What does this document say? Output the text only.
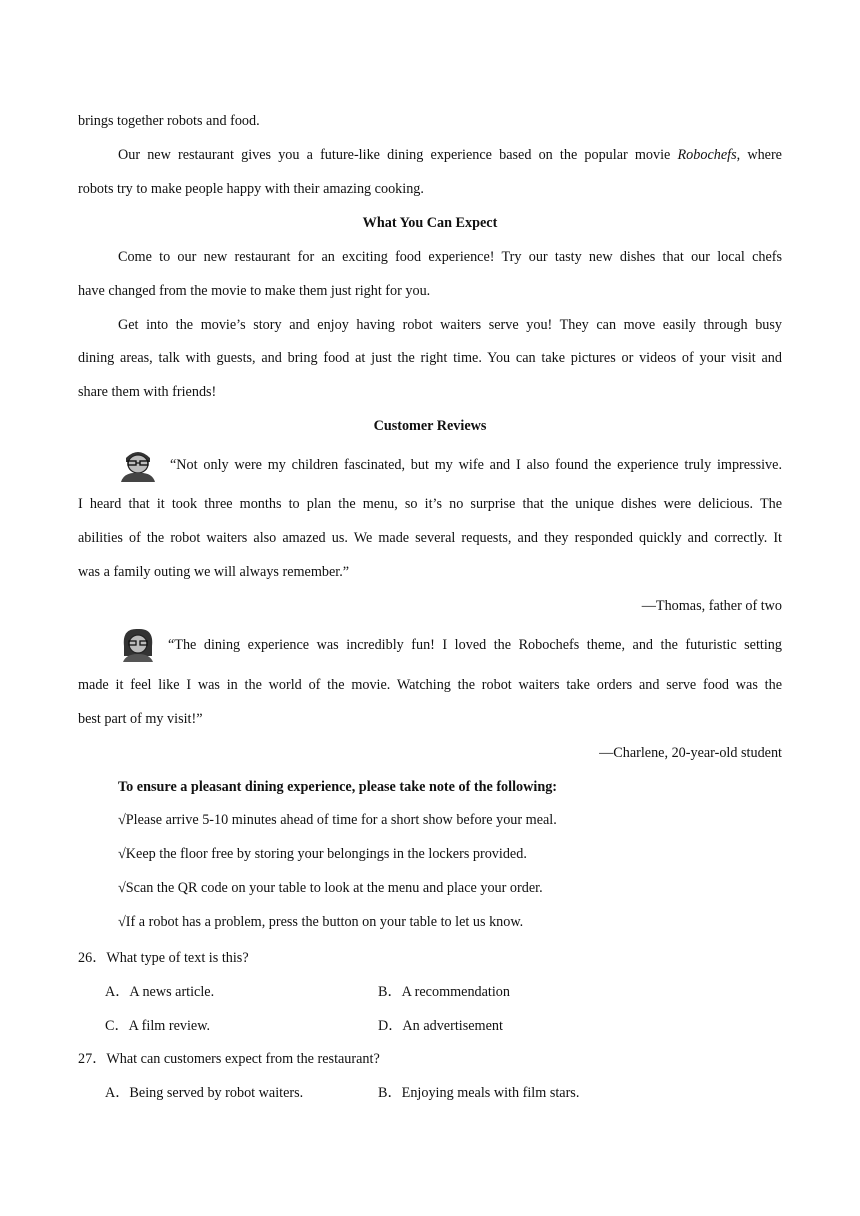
brings together robots and food.
Our new restaurant gives you a future-like dining experience based on the popular movie Robochefs, where
robots try to make people happy with their amazing cooking.
What You Can Expect
Come to our new restaurant for an exciting food experience! Try our tasty new dishes that our local chefs
have changed from the movie to make them just right for you.
Get into the movie’s story and enjoy having robot waiters serve you! They can move easily through busy
dining areas, talk with guests, and bring food at just the right time. You can take pictures or videos of your visit and
share them with friends!
Customer Reviews
“Not only were my children fascinated, but my wife and I also found the experience truly impressive.
I heard that it took three months to plan the menu, so it’s no surprise that the unique dishes were delicious. The
abilities of the robot waiters also amazed us. We made several requests, and they responded quickly and correctly. It
was a family outing we will always remember.”
—Thomas, father of two
“The dining experience was incredibly fun! I loved the Robochefs theme, and the futuristic setting
made it feel like I was in the world of the movie. Watching the robot waiters take orders and serve food was the
best part of my visit!”
—Charlene, 20-year-old student
To ensure a pleasant dining experience, please take note of the following:
√Please arrive 5-10 minutes ahead of time for a short show before your meal.
√Keep the floor free by storing your belongings in the lockers provided.
√Scan the QR code on your table to look at the menu and place your order.
√If a robot has a problem, press the button on your table to let us know.
26．What type of text is this?
A．A news article.	B．A recommendation
C．A film review.	D．An advertisement
27．What can customers expect from the restaurant?
A．Being served by robot waiters.	B．Enjoying meals with film stars.
